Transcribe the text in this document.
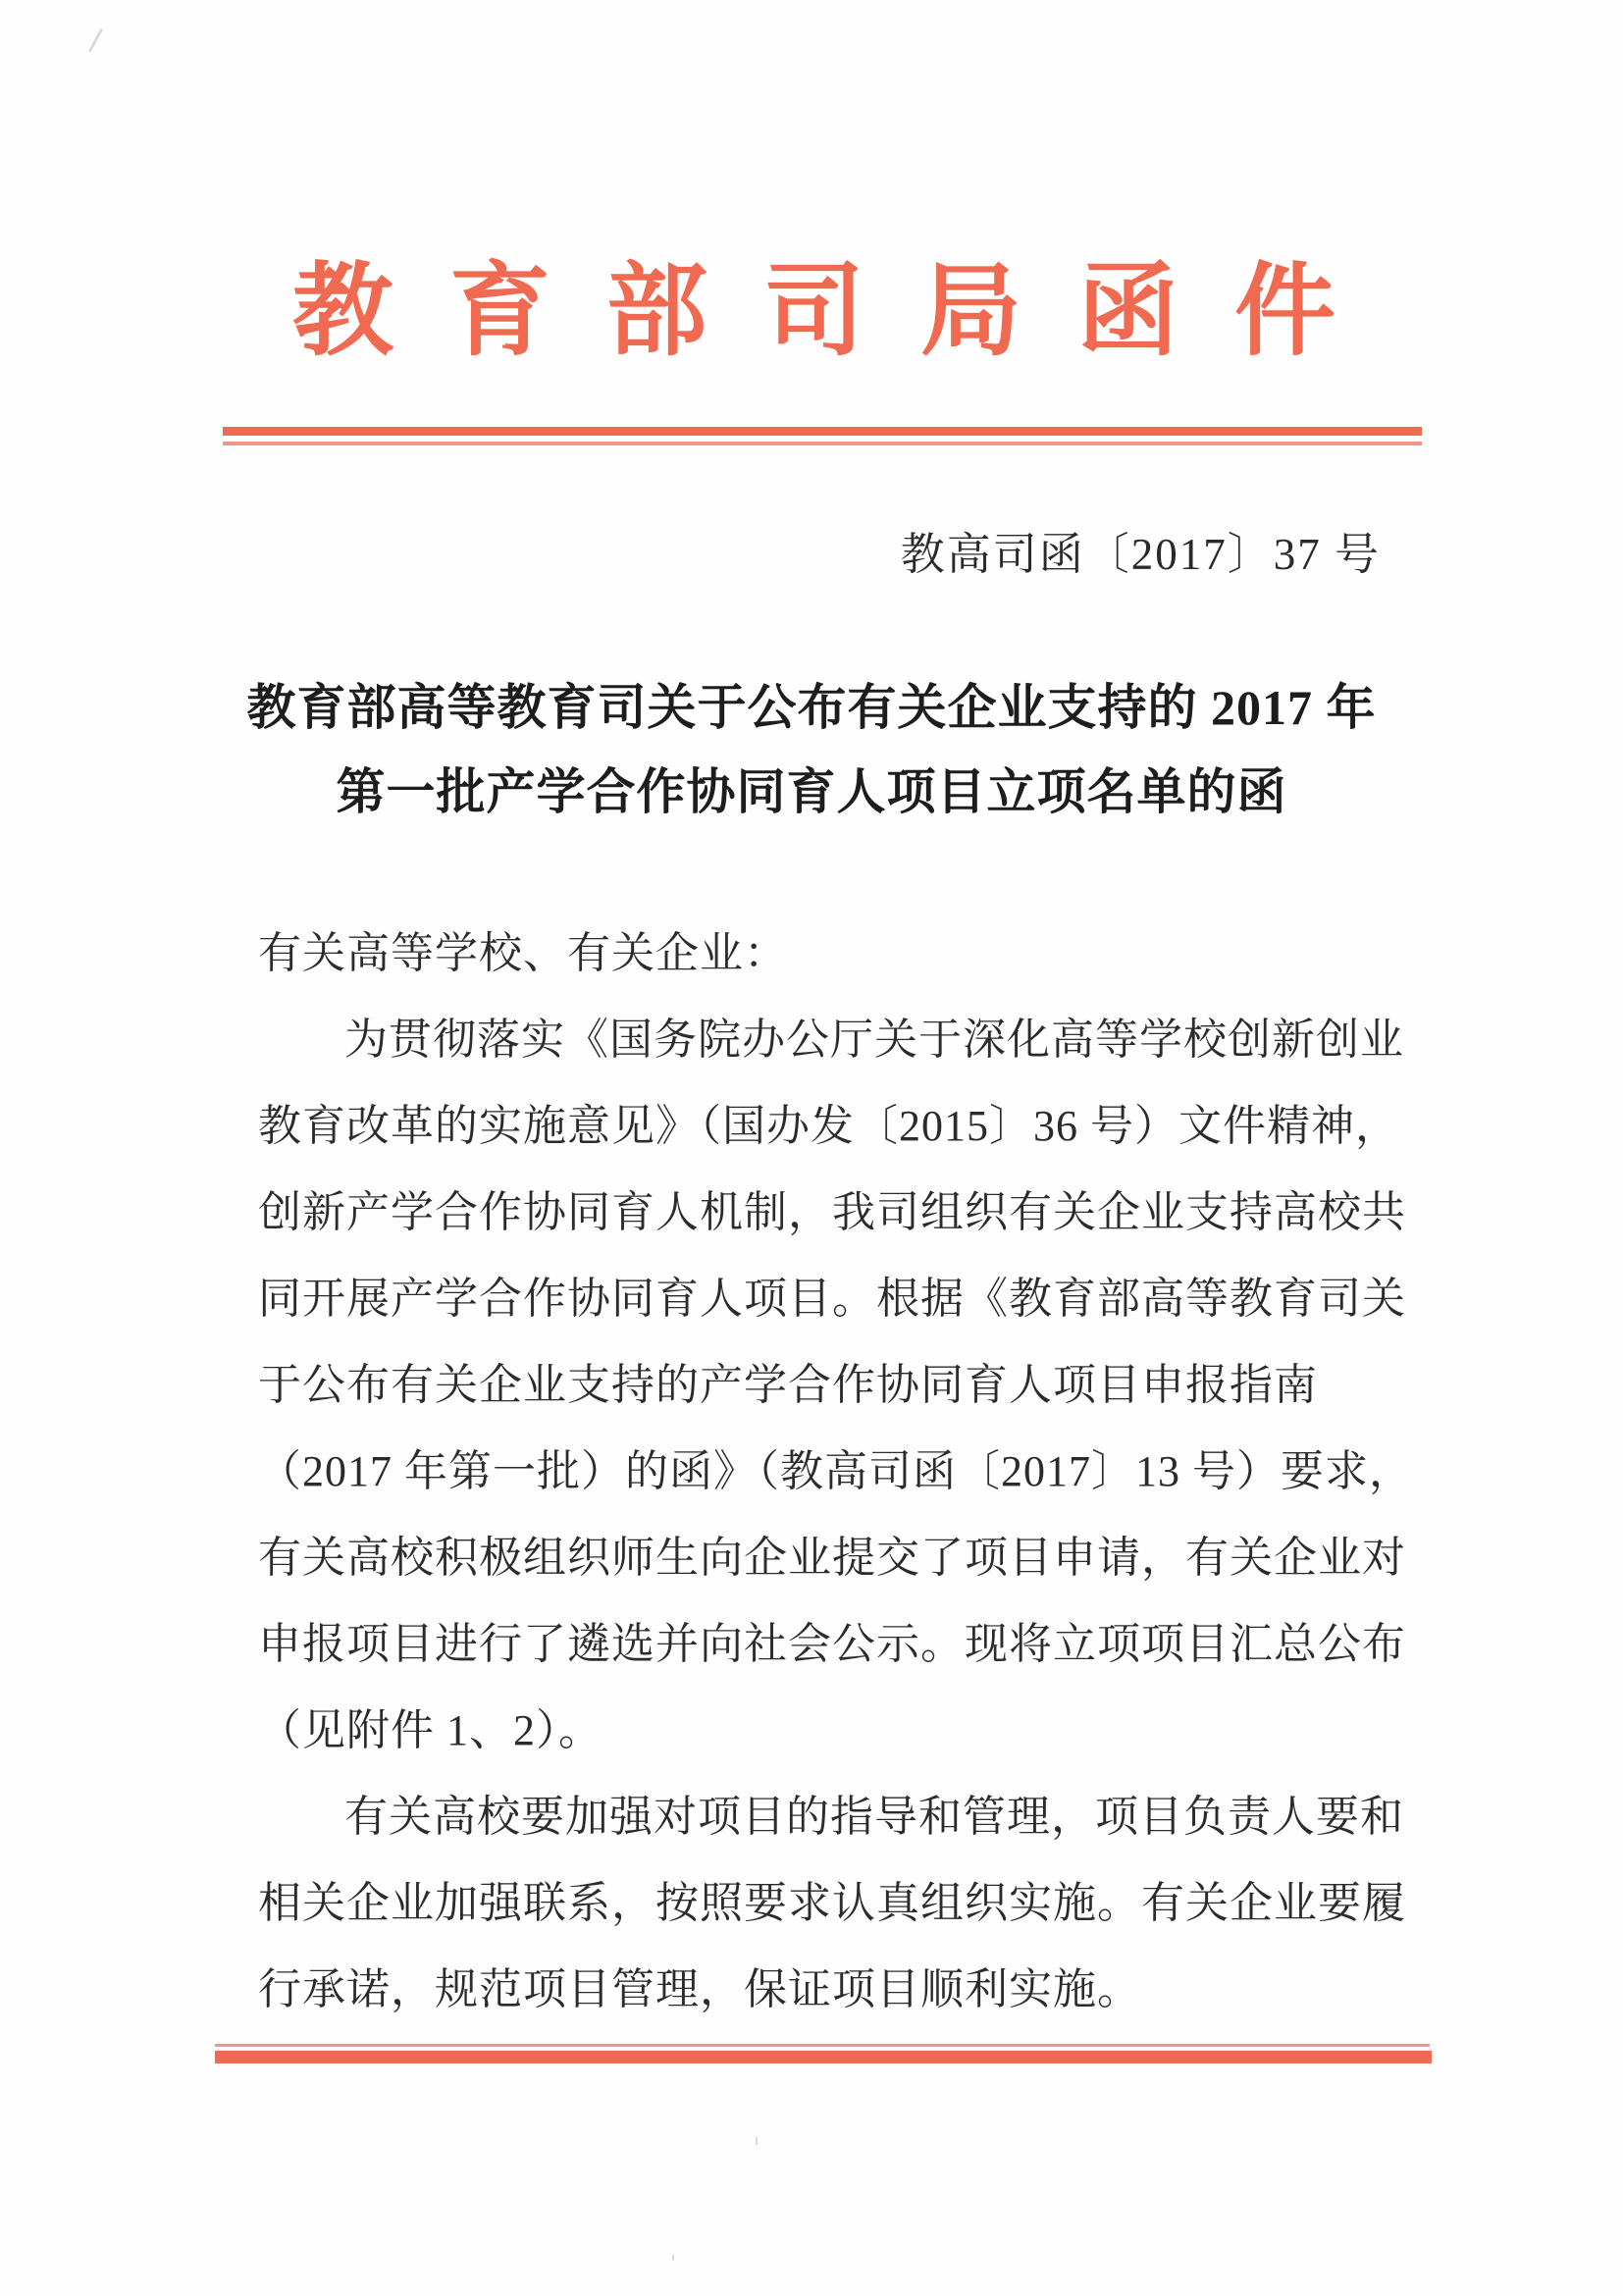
教育部司局函件
教高司函〔2017〕37 号
教育部高等教育司关于公布有关企业支持的 2017 年
第一批产学合作协同育人项目立项名单的函
有关高等学校、有关企业：
为贯彻落实《国务院办公厅关于深化高等学校创新创业
教育改革的实施意见》（国办发〔2015〕36 号）文件精神，
创新产学合作协同育人机制，我司组织有关企业支持高校共
同开展产学合作协同育人项目。根据《教育部高等教育司关
于公布有关企业支持的产学合作协同育人项目申报指南
（2017 年第一批）的函》（教高司函〔2017〕13 号）要求，
有关高校积极组织师生向企业提交了项目申请，有关企业对
申报项目进行了遴选并向社会公示。现将立项项目汇总公布
（见附件 1、2）。
有关高校要加强对项目的指导和管理，项目负责人要和
相关企业加强联系，按照要求认真组织实施。有关企业要履
行承诺，规范项目管理，保证项目顺利实施。
